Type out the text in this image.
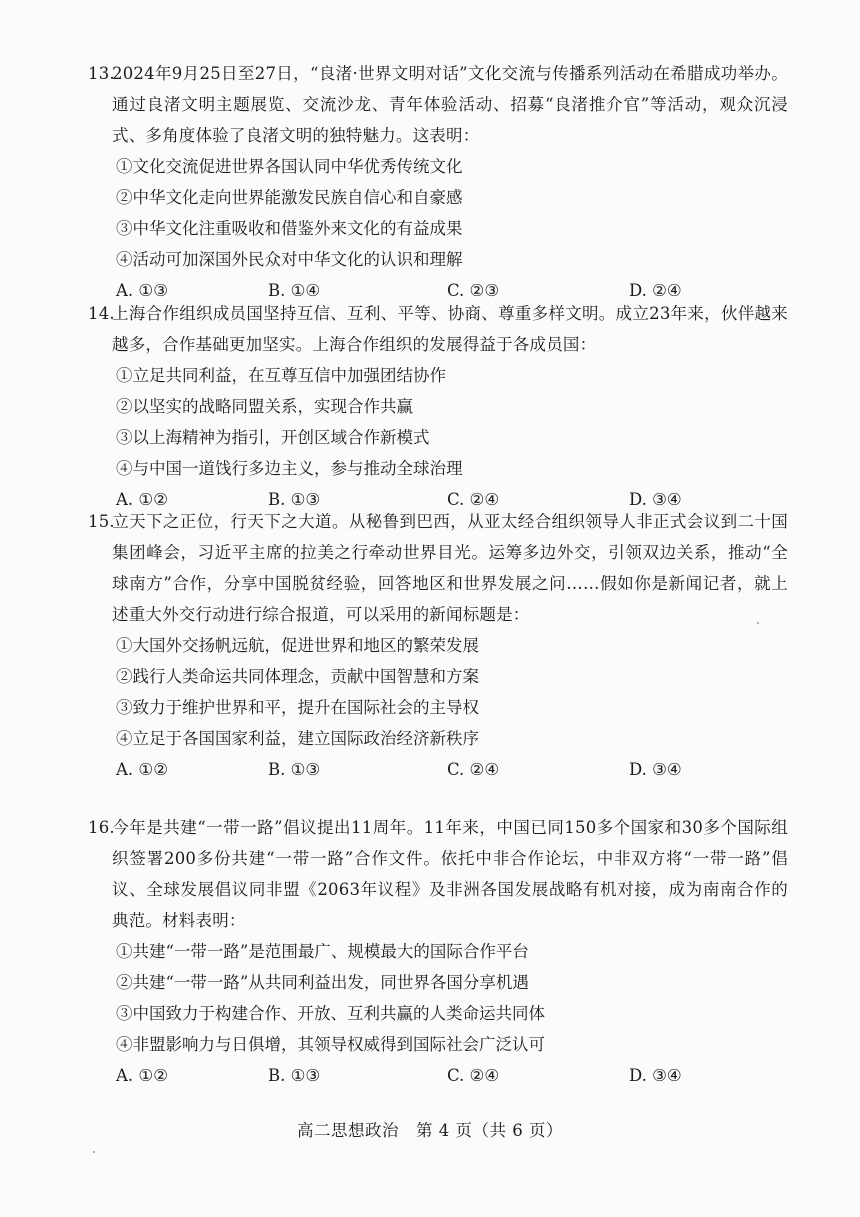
13.2024年9月25日至27日，“良渚·世界文明对话”文化交流与传播系列活动在希腊成功举办。通过良渚文明主题展览、交流沙龙、青年体验活动、招募“良渚推介官”等活动，观众沉浸式、多角度体验了良渚文明的独特魅力。这表明：
①文化交流促进世界各国认同中华优秀传统文化
②中华文化走向世界能激发民族自信心和自豪感
③中华文化注重吸收和借鉴外来文化的有益成果
④活动可加深国外民众对中华文化的认识和理解
A. ①③	B. ①④	C. ②③	D. ②④
14.上海合作组织成员国坚持互信、互利、平等、协商、尊重多样文明。成立23年来，伙伴越来越多，合作基础更加坚实。上海合作组织的发展得益于各成员国：
①立足共同利益，在互尊互信中加强团结协作
②以坚实的战略同盟关系，实现合作共赢
③以上海精神为指引，开创区域合作新模式
④与中国一道饯行多边主义，参与推动全球治理
A. ①②	B. ①③	C. ②④	D. ③④
15.立天下之正位，行天下之大道。从秘鲁到巴西，从亚太经合组织领导人非正式会议到二十国集团峰会，习近平主席的拉美之行牵动世界目光。运筹多边外交，引领双边关系，推动“全球南方”合作，分享中国脱贫经验，回答地区和世界发展之问……假如你是新闻记者，就上述重大外交行动进行综合报道，可以采用的新闻标题是：
①大国外交扬帆远航，促进世界和地区的繁荣发展
②践行人类命运共同体理念，贡献中国智慧和方案
③致力于维护世界和平，提升在国际社会的主导权
④立足于各国国家利益，建立国际政治经济新秩序
A. ①②	B. ①③	C. ②④	D. ③④
16.今年是共建“一带一路”倡议提出11周年。11年来，中国已同150多个国家和30多个国际组织签署200多份共建“一带一路”合作文件。依托中非合作论坛，中非双方将“一带一路”倡议、全球发展倡议同非盟《2063年议程》及非洲各国发展战略有机对接，成为南南合作的典范。材料表明：
①共建“一带一路”是范围最广、规模最大的国际合作平台
②共建“一带一路”从共同利益出发，同世界各国分享机遇
③中国致力于构建合作、开放、互利共赢的人类命运共同体
④非盟影响力与日俱增，其领导权威得到国际社会广泛认可
A. ①②	B. ①③	C. ②④	D. ③④
高二思想政治　第 4 页（共 6 页）
